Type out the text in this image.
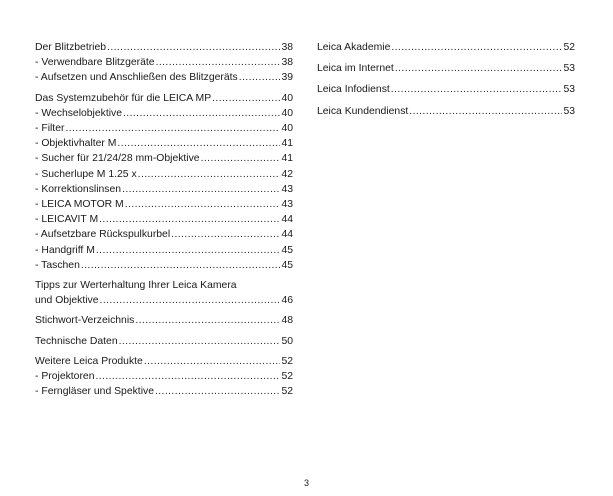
Der Blitzbetrieb .....	38
- Verwendbare Blitzgeräte .....	38
- Aufsetzen und Anschließen des Blitzgeräts .....	39
Das Systemzubehör für die LEICA MP .....	40
- Wechselobjektive .....	40
- Filter .....	40
- Objektivhalter M .....	41
- Sucher für 21/24/28 mm-Objektive .....	41
- Sucherlupe M 1.25 x .....	42
- Korrektionslinsen .....	43
- LEICA MOTOR M .....	43
- LEICAVIT M .....	44
- Aufsetzbare Rückspulkurbel .....	44
- Handgriff M .....	45
- Taschen .....	45
Tipps zur Werterhaltung Ihrer Leica Kamera
und Objektive .....	46
Stichwort-Verzeichnis .....	48
Technische Daten .....	50
Weitere Leica Produkte .....	52
- Projektoren .....	52
- Ferngläser und Spektive .....	52
Leica Akademie .....	52
Leica im Internet .....	53
Leica Infodienst .....	53
Leica Kundendienst .....	53
3
